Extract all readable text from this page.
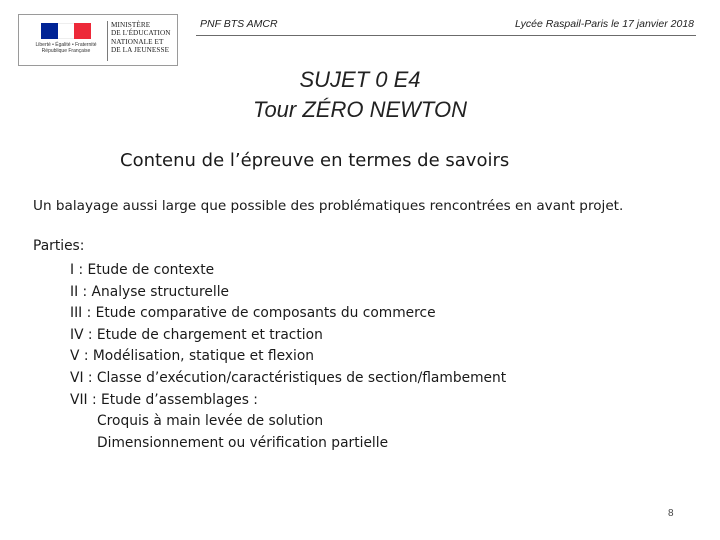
Liberté • Égalité • Fraternité
République Française
MINISTÈRE
DE L'ÉDUCATION
NATIONALE ET
DE LA JEUNESSE
PNF BTS AMCR	Lycée Raspail-Paris le 17 janvier 2018
SUJET 0 E4
Tour ZÉRO NEWTON
Contenu de l’épreuve en termes de savoirs
Un balayage aussi large que possible des problématiques rencontrées en avant projet.
Parties:
I : Etude de contexte
II : Analyse structurelle
III : Etude comparative de composants du commerce
IV : Etude de chargement et traction
V : Modélisation, statique et flexion
VI : Classe d’exécution/caractéristiques de section/flambement
VII : Etude d’assemblages :
Croquis à main levée de solution
Dimensionnement ou vérification partielle
8
